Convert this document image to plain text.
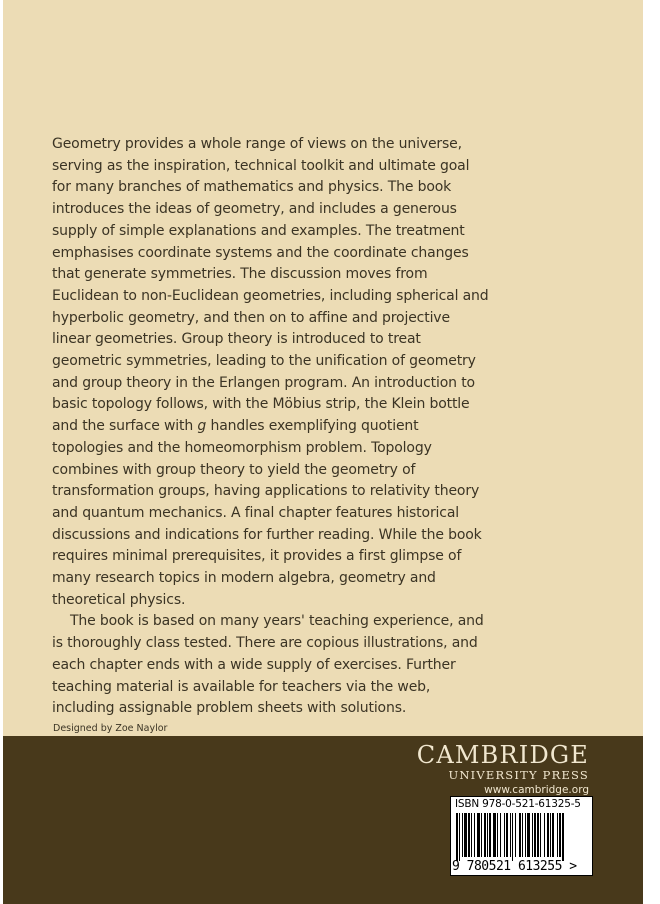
Geometry provides a whole range of views on the universe, serving as the inspiration, technical toolkit and ultimate goal for many branches of mathematics and physics. The book introduces the ideas of geometry, and includes a generous supply of simple explanations and examples. The treatment emphasises coordinate systems and the coordinate changes that generate symmetries. The discussion moves from Euclidean to non-Euclidean geometries, including spherical and hyperbolic geometry, and then on to affine and projective linear geometries. Group theory is introduced to treat geometric symmetries, leading to the unification of geometry and group theory in the Erlangen program. An introduction to basic topology follows, with the Möbius strip, the Klein bottle and the surface with g handles exemplifying quotient topologies and the homeomorphism problem. Topology combines with group theory to yield the geometry of transformation groups, having applications to relativity theory and quantum mechanics. A final chapter features historical discussions and indications for further reading. While the book requires minimal prerequisites, it provides a first glimpse of many research topics in modern algebra, geometry and theoretical physics.

The book is based on many years' teaching experience, and is thoroughly class tested. There are copious illustrations, and each chapter ends with a wide supply of exercises. Further teaching material is available for teachers via the web, including assignable problem sheets with solutions.

Designed by Zoe Naylor
CAMBRIDGE
UNIVERSITY PRESS
www.cambridge.org
ISBN 978-0-521-61325-5
9 780521 613255 >
